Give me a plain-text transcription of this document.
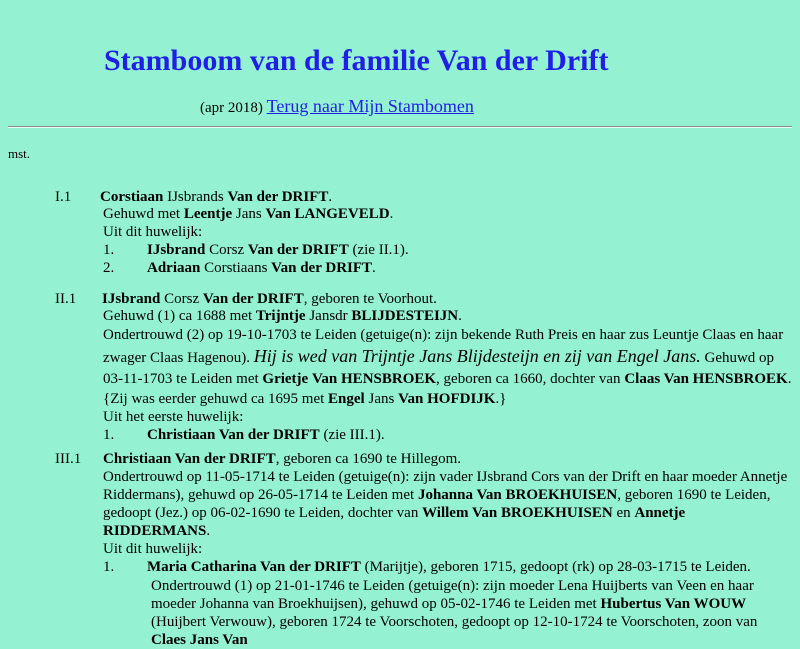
Stamboom van de familie Van der Drift
(apr 2018) Terug naar Mijn Stambomen
mst.
I.1 Corstiaan IJsbrands Van der DRIFT.

Gehuwd met Leentje Jans Van LANGEVELD.

Uit dit huwelijk:

1.	IJsbrand Corsz Van der DRIFT (zie II.1).
2.	Adriaan Corstiaans Van der DRIFT.
II.1 IJsbrand Corsz Van der DRIFT, geboren te Voorhout.

Gehuwd (1) ca 1688 met Trijntje Jansdr BLIJDESTEIJN.

Ondertrouwd (2) op 19-10-1703 te Leiden (getuige(n): zijn bekende Ruth Preis en haar zus Leuntje Claas en haar zwager Claas Hagenou). Hij is wed van Trijntje Jans Blijdesteijn en zij van Engel Jans. Gehuwd op 03-11-1703 te Leiden met Grietje Van HENSBROEK, geboren ca 1660, dochter van Claas Van HENSBROEK.

{Zij was eerder gehuwd ca 1695 met Engel Jans Van HOFDIJK.}

Uit het eerste huwelijk:

1.	Christiaan Van der DRIFT (zie III.1).
III.1 Christiaan Van der DRIFT, geboren ca 1690 te Hillegom.

Ondertrouwd op 11-05-1714 te Leiden (getuige(n): zijn vader IJsbrand Cors van der Drift en haar moeder Annetje Riddermans), gehuwd op 26-05-1714 te Leiden met Johanna Van BROEKHUISEN, geboren 1690 te Leiden, gedoopt (Jez.) op 06-02-1690 te Leiden, dochter van Willem Van BROEKHUISEN en Annetje RIDDERMANS.

Uit dit huwelijk:

1.	Maria Catharina Van der DRIFT (Marijtje), geboren 1715, gedoopt (rk) op 28-03-1715 te Leiden.
Ondertrouwd (1) op 21-01-1746 te Leiden (getuige(n): zijn moeder Lena Huijberts van Veen en haar moeder Johanna van Broekhuijsen), gehuwd op 05-02-1746 te Leiden met Hubertus Van WOUW (Huijbert Verwouw), geboren 1724 te Voorschoten, gedoopt op 12-10-1724 te Voorschoten, zoon van Claes Jans Van
